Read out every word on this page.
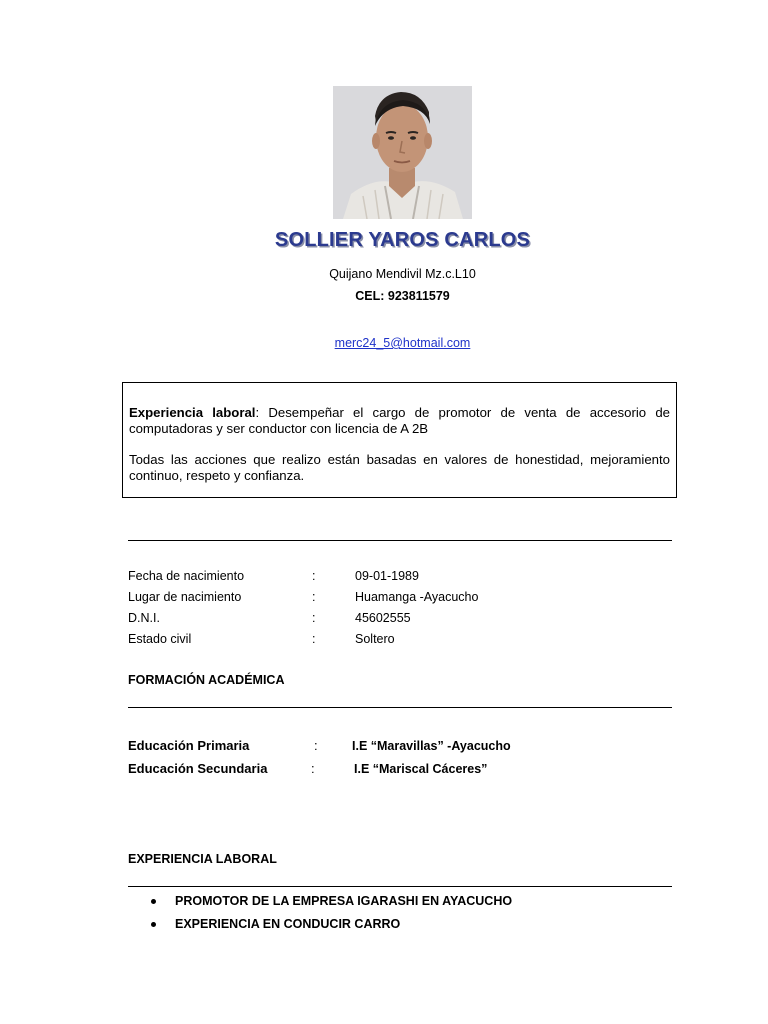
SOLLIER YAROS CARLOS
Quijano Mendivil Mz.c.L10
CEL: 923811579
merc24_5@hotmail.com

Experiencia laboral: Desempeñar el cargo de promotor de venta de accesorio de computadoras y ser conductor con licencia de A 2B

Todas las acciones que realizo están basadas en valores de honestidad, mejoramiento continuo, respeto y confianza.

Fecha de nacimiento	:	09-01-1989
Lugar de nacimiento	:	Huamanga -Ayacucho
D.N.I.	:	45602555
Estado civil	:	Soltero
FORMACIÓN ACADÉMICA
Educación Primaria	:	I.E “Maravillas” -Ayacucho
Educación Secundaria	:	I.E “Mariscal Cáceres”
EXPERIENCIA LABORAL
PROMOTOR DE LA EMPRESA IGARASHI EN AYACUCHO
EXPERIENCIA EN CONDUCIR CARRO
